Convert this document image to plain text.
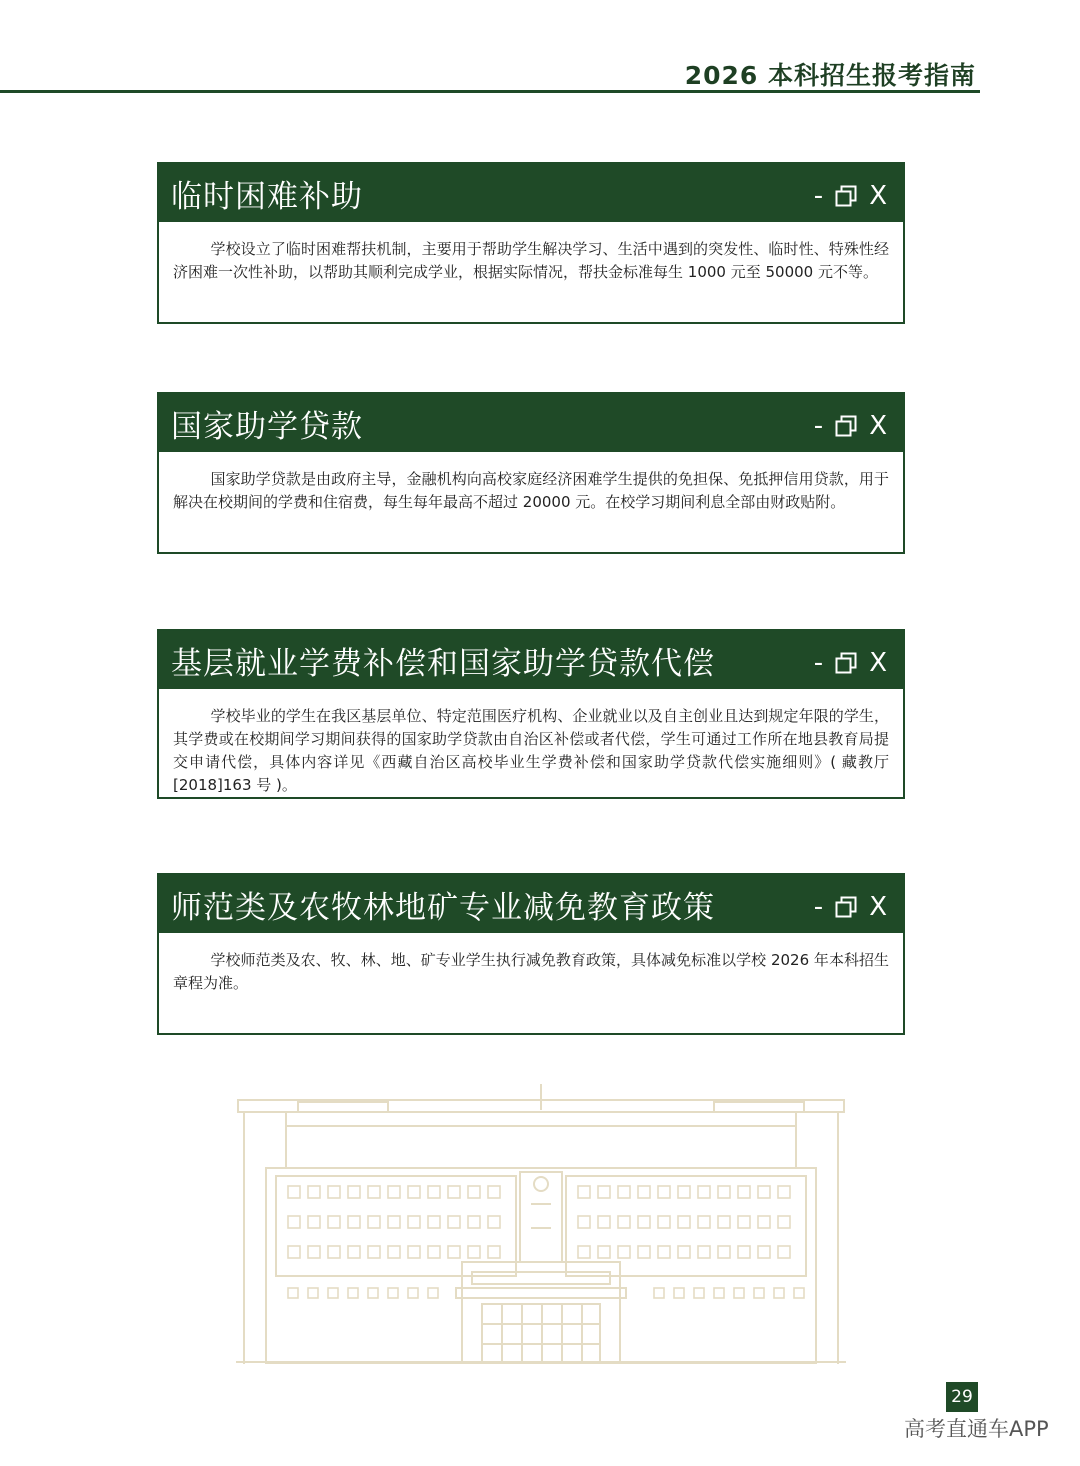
2026 本科招生报考指南
临时困难补助	- X
学校设立了临时困难帮扶机制，主要用于帮助学生解决学习、生活中遇到的突发性、临时性、特殊性经济困难一次性补助，以帮助其顺利完成学业，根据实际情况，帮扶金标准每生 1000 元至 50000 元不等。
国家助学贷款	- X
国家助学贷款是由政府主导，金融机构向高校家庭经济困难学生提供的免担保、免抵押信用贷款，用于解决在校期间的学费和住宿费，每生每年最高不超过 20000 元。在校学习期间利息全部由财政贴附。
基层就业学费补偿和国家助学贷款代偿	- X
学校毕业的学生在我区基层单位、特定范围医疗机构、企业就业以及自主创业且达到规定年限的学生，其学费或在校期间学习期间获得的国家助学贷款由自治区补偿或者代偿，学生可通过工作所在地县教育局提交申请代偿，具体内容详见《西藏自治区高校毕业生学费补偿和国家助学贷款代偿实施细则》( 藏教厅 [2018]163 号 )。
师范类及农牧林地矿专业减免教育政策	- X
学校师范类及农、牧、林、地、矿专业学生执行减免教育政策，具体减免标准以学校 2026 年本科招生章程为准。
29
高考直通车APP
